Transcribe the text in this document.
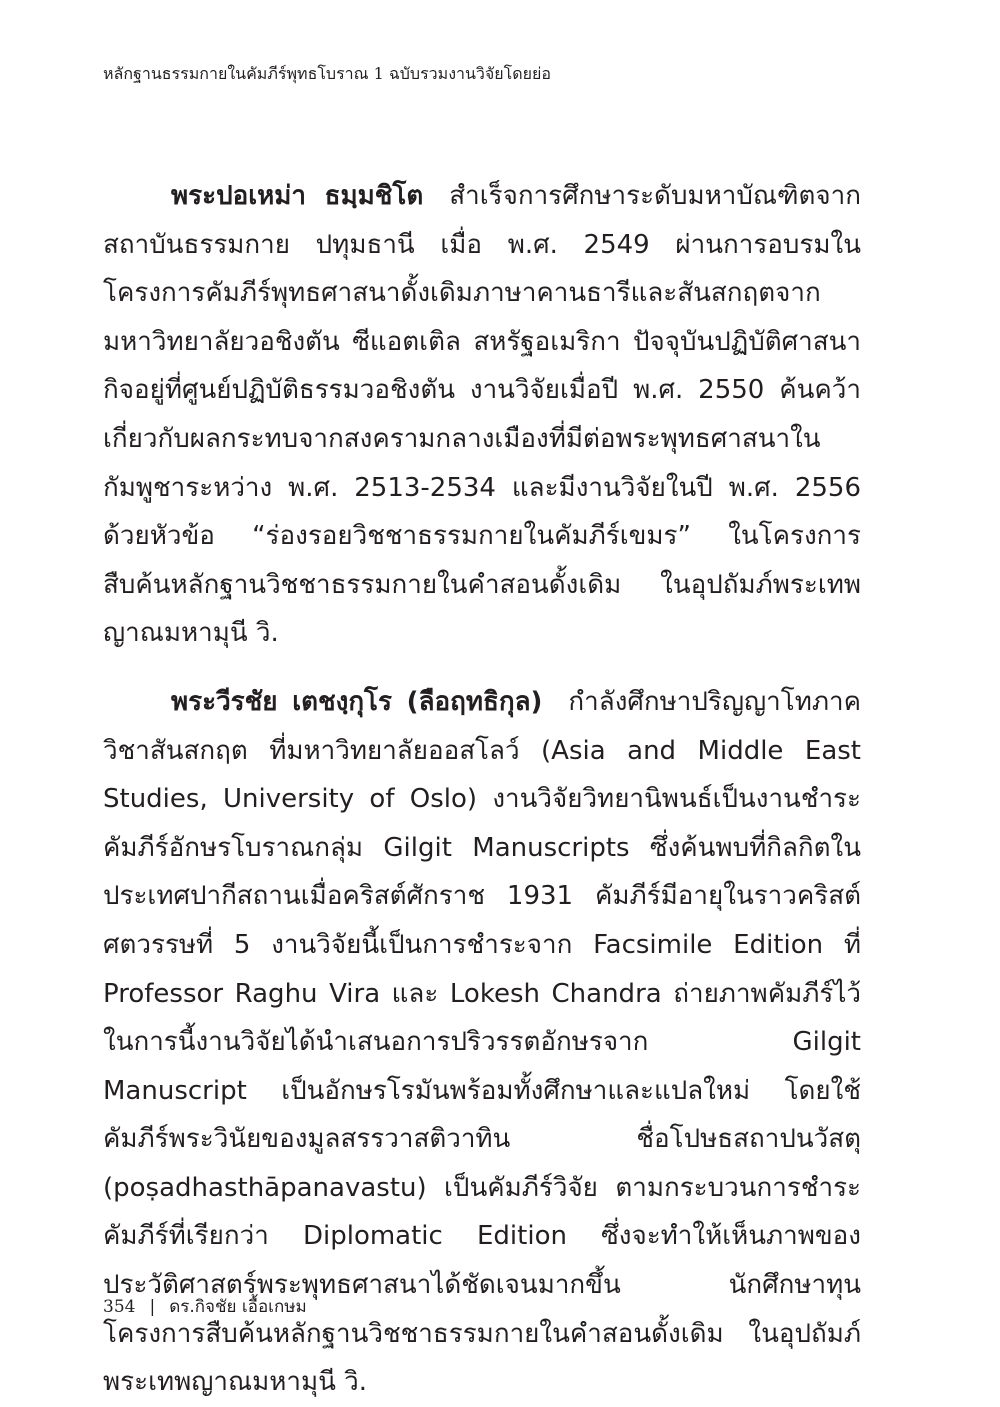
หลักฐานธรรมกายในคัมภีร์พุทธโบราณ 1 ฉบับรวมงานวิจัยโดยย่อ

พระปอเหม่า ธมฺมชิโต  สำเร็จการศึกษาระดับมหาบัณฑิตจากสถาบันธรรมกาย ปทุมธานี เมื่อ พ.ศ. 2549 ผ่านการอบรมในโครงการคัมภีร์พุทธศาสนาดั้งเดิมภาษาคานธารีและสันสกฤตจากมหาวิทยาลัยวอชิงตัน ซีแอตเติล สหรัฐอเมริกา ปัจจุบันปฏิบัติศาสนากิจอยู่ที่ศูนย์ปฏิบัติธรรมวอชิงตัน งานวิจัยเมื่อปี พ.ศ. 2550 ค้นคว้าเกี่ยวกับผลกระทบจากสงครามกลางเมืองที่มีต่อพระพุทธศาสนาในกัมพูชาระหว่าง พ.ศ. 2513-2534 และมีงานวิจัยในปี พ.ศ. 2556 ด้วยหัวข้อ “ร่องรอยวิชชาธรรมกายในคัมภีร์เขมร” ในโครงการสืบค้นหลักฐานวิชชาธรรมกายในคำสอนดั้งเดิม ในอุปถัมภ์พระเทพญาณมหามุนี วิ.

พระวีรชัย เตชงฺกุโร (ลือฤทธิกุล)  กำลังศึกษาปริญญาโทภาควิชาสันสกฤต ที่มหาวิทยาลัยออสโลว์ (Asia and Middle East Studies, University of Oslo) งานวิจัยวิทยานิพนธ์เป็นงานชำระคัมภีร์อักษรโบราณกลุ่ม Gilgit Manuscripts ซึ่งค้นพบที่กิลกิตในประเทศปากีสถานเมื่อคริสต์ศักราช 1931 คัมภีร์มีอายุในราวคริสต์ศตวรรษที่ 5 งานวิจัยนี้เป็นการชำระจาก Facsimile Edition ที่ Professor Raghu Vira และ Lokesh Chandra ถ่ายภาพคัมภีร์ไว้ ในการนี้งานวิจัยได้นำเสนอการปริวรรตอักษรจาก Gilgit Manuscript เป็นอักษรโรมันพร้อมทั้งศึกษาและแปลใหม่ โดยใช้คัมภีร์พระวินัยของมูลสรรวาสติวาทิน ชื่อโปษธสถาปนวัสตุ (poṣadhasthāpanavastu) เป็นคัมภีร์วิจัย ตามกระบวนการชำระคัมภีร์ที่เรียกว่า Diplomatic Edition ซึ่งจะทำให้เห็นภาพของประวัติศาสตร์พระพุทธศาสนาได้ชัดเจนมากขึ้น นักศึกษาทุน โครงการสืบค้นหลักฐานวิชชาธรรมกายในคำสอนดั้งเดิม ในอุปถัมภ์พระเทพญาณมหามุนี วิ.

354 | ดร.กิจชัย เอื้อเกษม
